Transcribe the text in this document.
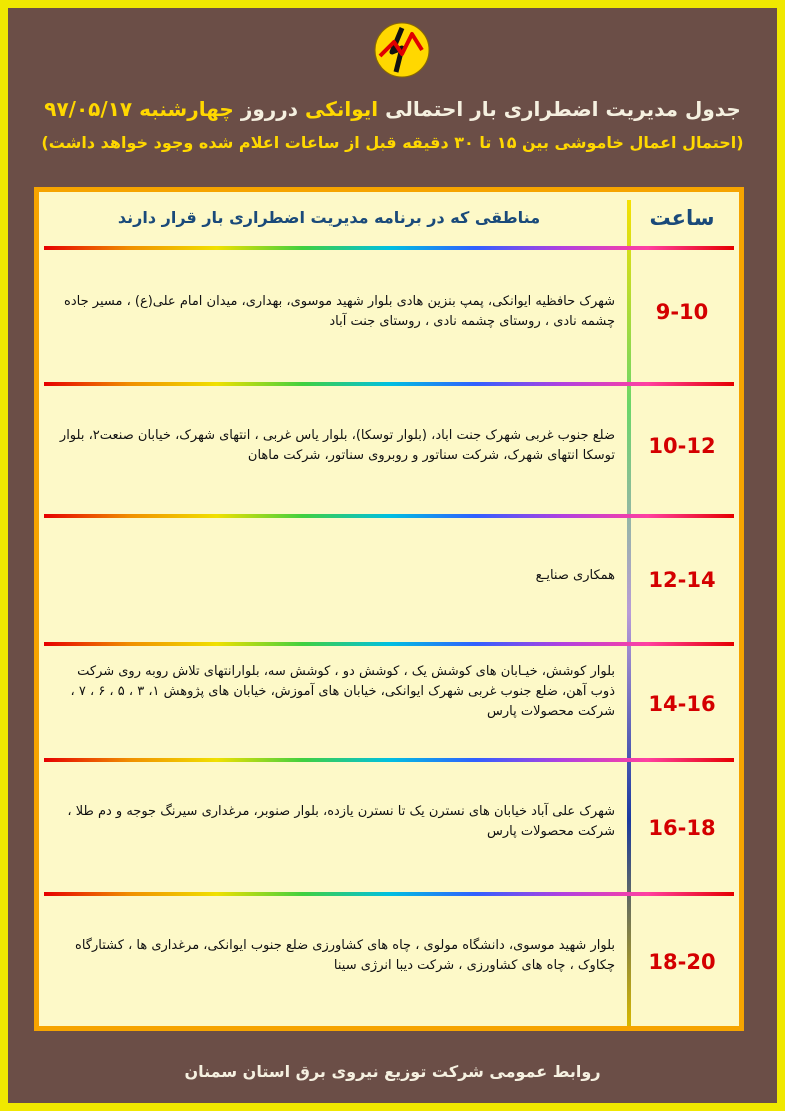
جدول مدیریت اضطراری بار احتمالی ایوانکی درروز چهارشنبه ۹۷/۰۵/۱۷
(احتمال اعمال خاموشی بین ۱۵ تا ۳۰ دقیقه قبل از ساعات اعلام شده وجود خواهد داشت)
ساعت
مناطقی که در برنامه مدیریت اضطراری بار قرار دارند
9-10
شهرک حافظیه ایوانکی، پمپ بنزین هادی بلوار شهید موسوی، بهداری، میدان امام علی(ع) ، مسیر جاده چشمه نادی ، روستای چشمه نادی ، روستای جنت آباد
10-12
ضلع جنوب غربی شهرک جنت اباد، (بلوار توسکا)، بلوار یاس غربی ، انتهای شهرک، خیابان صنعت۲، بلوار توسکا انتهای شهرک، شرکت سناتور و روبروی سناتور، شرکت ماهان
12-14
همکاری صنایـع
14-16
بلوار کوشش، خیـابان های کوشش یک ، کوشش دو ، کوشش سه، بلوارانتهای تلاش روبه روی شرکت ذوب آهن، ضلع جنوب غربی شهرک ایوانکی، خیابان های آموزش، خیابان های پژوهش ۱، ۳ ، ۵ ، ۶ ، ۷ ، شرکت محصولات پارس
16-18
شهرک علی آباد خیابان های نسترن یک تا نسترن یازده، بلوار صنوبر، مرغداری سیرنگ جوجه و دم طلا ، شرکت محصولات پارس
18-20
بلوار شهید موسوی، دانشگاه مولوی ، چاه های کشاورزی ضلع جنوب ایوانکی، مرغداری ها ، کشتارگاه چکاوک ، چاه های کشاورزی ، شرکت دیبا انرژی سینا
روابط عمومی شرکت توزیع نیروی برق استان سمنان
